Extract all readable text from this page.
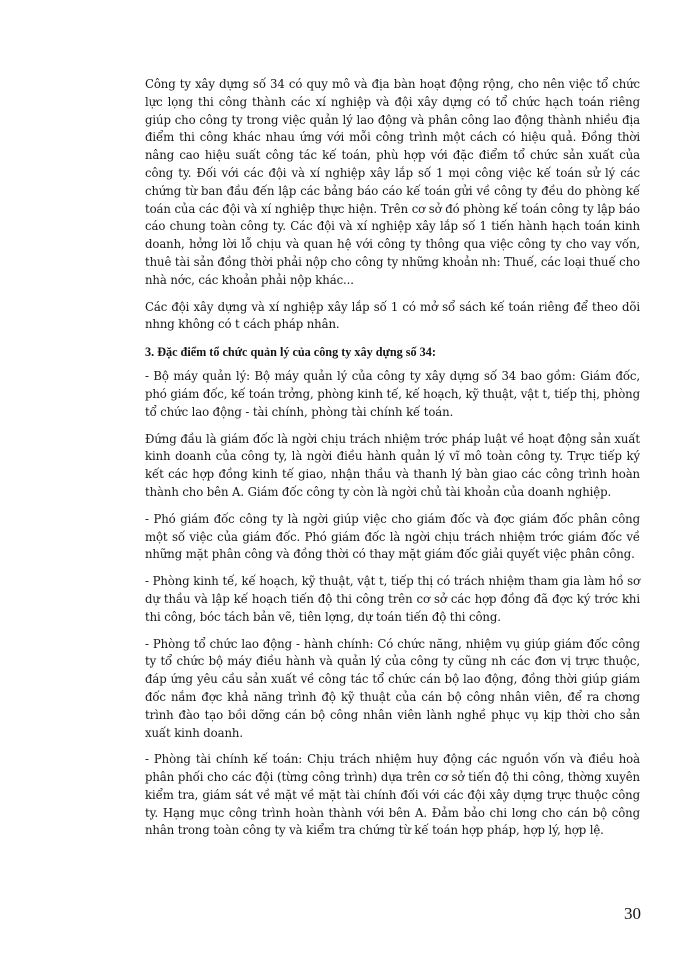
Công ty xây dựng số 34 có quy mô và địa bàn hoạt động rộng, cho nên việc tổ chức lực lọng thi công thành các xí nghiệp và đội xây dựng có tổ chức hạch toán riêng giúp cho công ty trong việc quản lý lao động và phân công lao động thành nhiều địa điểm thi công khác nhau ứng với mỗi công trình một cách có hiệu quả. Đồng thời nâng cao hiệu suất công tác kế toán, phù hợp với đặc điểm tổ chức sản xuất của công ty. Đối với các đội và xí nghiệp xây lắp số 1 mọi công việc kế toán sử lý các chứng từ ban đầu đến lập các bảng báo cáo kế toán gửi về công ty đều do phòng kế toán của các đội và xí nghiệp thực hiện. Trên cơ sở đó phòng kế toán công ty lập báo cáo chung toàn công ty. Các đội và xí nghiệp xây lắp số 1 tiến hành hạch toán kinh doanh, hởng lời lỗ chịu và quan hệ với công ty thông qua việc công ty cho vay vốn, thuê tài sản đồng thời phải nộp cho công ty những khoản nh: Thuế, các loại thuế cho nhà nớc, các khoản phải nộp khác...

Các đội xây dựng và xí nghiệp xây lắp số 1 có mở sổ sách kế toán riêng để theo dõi nhng không có t cách pháp nhân.

3. Đặc điểm tổ chức quản lý của công ty xây dựng số 34:

- Bộ máy quản lý: Bộ máy quản lý của công ty xây dựng số 34 bao gồm: Giám đốc, phó giám đốc, kế toán trởng, phòng kinh tế, kế hoạch, kỹ thuật, vật t, tiếp thị, phòng tổ chức lao động - tài chính, phòng tài chính kế toán.

Đứng đầu là giám đốc là ngời chịu trách nhiệm trớc pháp luật về hoạt động sản xuất kinh doanh của công ty, là ngời điều hành quản lý vĩ mô toàn công ty. Trực tiếp ký kết các hợp đồng kinh tế giao, nhận thầu và thanh lý bàn giao các công trình hoàn thành cho bên A. Giám đốc công ty còn là ngời chủ tài khoản của doanh nghiệp.

- Phó giám đốc công ty là ngời giúp việc cho giám đốc và đợc giám đốc phân công một số việc của giám đốc. Phó giám đốc là ngời chịu trách nhiệm trớc giám đốc về những mặt phân công và đồng thời có thay mặt giám đốc giải quyết việc phân công.

- Phòng kinh tế, kế hoạch, kỹ thuật, vật t, tiếp thị có trách nhiệm tham gia làm hồ sơ dự thầu và lập kế hoạch tiến độ thi công trên cơ sở các hợp đồng đã đợc ký trớc khi thi công, bóc tách bản vẽ, tiên lợng, dự toán tiến độ thi công.

- Phòng tổ chức lao động - hành chính: Có chức năng, nhiệm vụ giúp giám đốc công ty tổ chức bộ máy điều hành và quản lý của công ty cũng nh các đơn vị trực thuộc, đáp ứng yêu cầu sản xuất về công tác tổ chức cán bộ lao động, đồng thời giúp giám đốc nắm đợc khả năng trình độ kỹ thuật của cán bộ công nhân viên, để ra chơng trình đào tạo bồi dỡng cán bộ công nhân viên lành nghề phục vụ kịp thời cho sản xuất kinh doanh.

- Phòng tài chính kế toán: Chịu trách nhiệm huy động các nguồn vốn và điều hoà phân phối cho các đội (từng công trình) dựa trên cơ sở tiến độ thi công, thờng xuyên kiểm tra, giám sát về mặt về mặt tài chính đối với các đội xây dựng trực thuộc công ty. Hạng mục công trình hoàn thành với bên A. Đảm bảo chi lơng cho cán bộ công nhân trong toàn công ty và kiểm tra chứng từ kế toán hợp pháp, hợp lý, hợp lệ.

30
